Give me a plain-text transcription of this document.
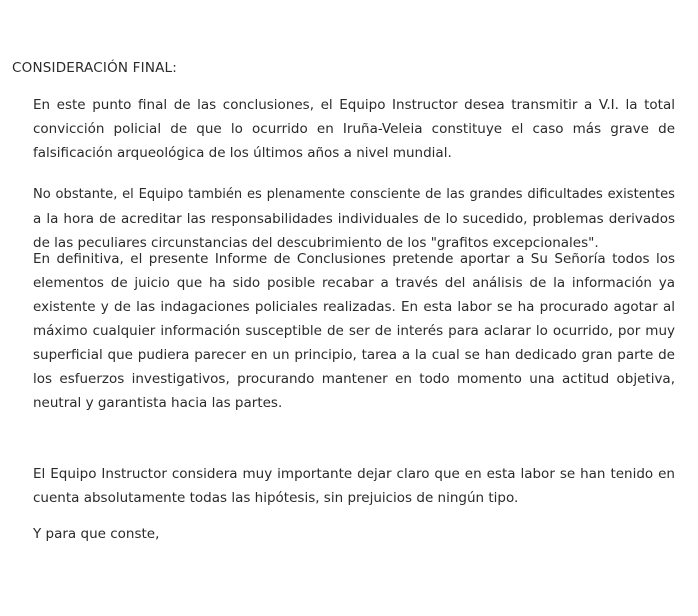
CONSIDERACIÓN FINAL:
En este punto final de las conclusiones, el Equipo Instructor desea transmitir a V.I. la total
convicción policial de que lo ocurrido en Iruña-Veleia constituye el caso más grave de
falsificación arqueológica de los últimos años a nivel mundial.
No obstante, el Equipo también es plenamente consciente de las grandes dificultades existentes
a la hora de acreditar las responsabilidades individuales de lo sucedido, problemas derivados
de las peculiares circunstancias del descubrimiento de los "grafitos excepcionales".
En definitiva, el presente Informe de Conclusiones pretende aportar a Su Señoría todos los
elementos de juicio que ha sido posible recabar a través del análisis de la información ya
existente y de las indagaciones policiales realizadas. En esta labor se ha procurado agotar al
máximo cualquier información susceptible de ser de interés para aclarar lo ocurrido, por muy
superficial que pudiera parecer en un principio, tarea a la cual se han dedicado gran parte de
los esfuerzos investigativos, procurando mantener en todo momento una actitud objetiva,
neutral y garantista hacia las partes.
El Equipo Instructor considera muy importante dejar claro que en esta labor se han tenido en
cuenta absolutamente todas las hipótesis, sin prejuicios de ningún tipo.
Y para que conste,
